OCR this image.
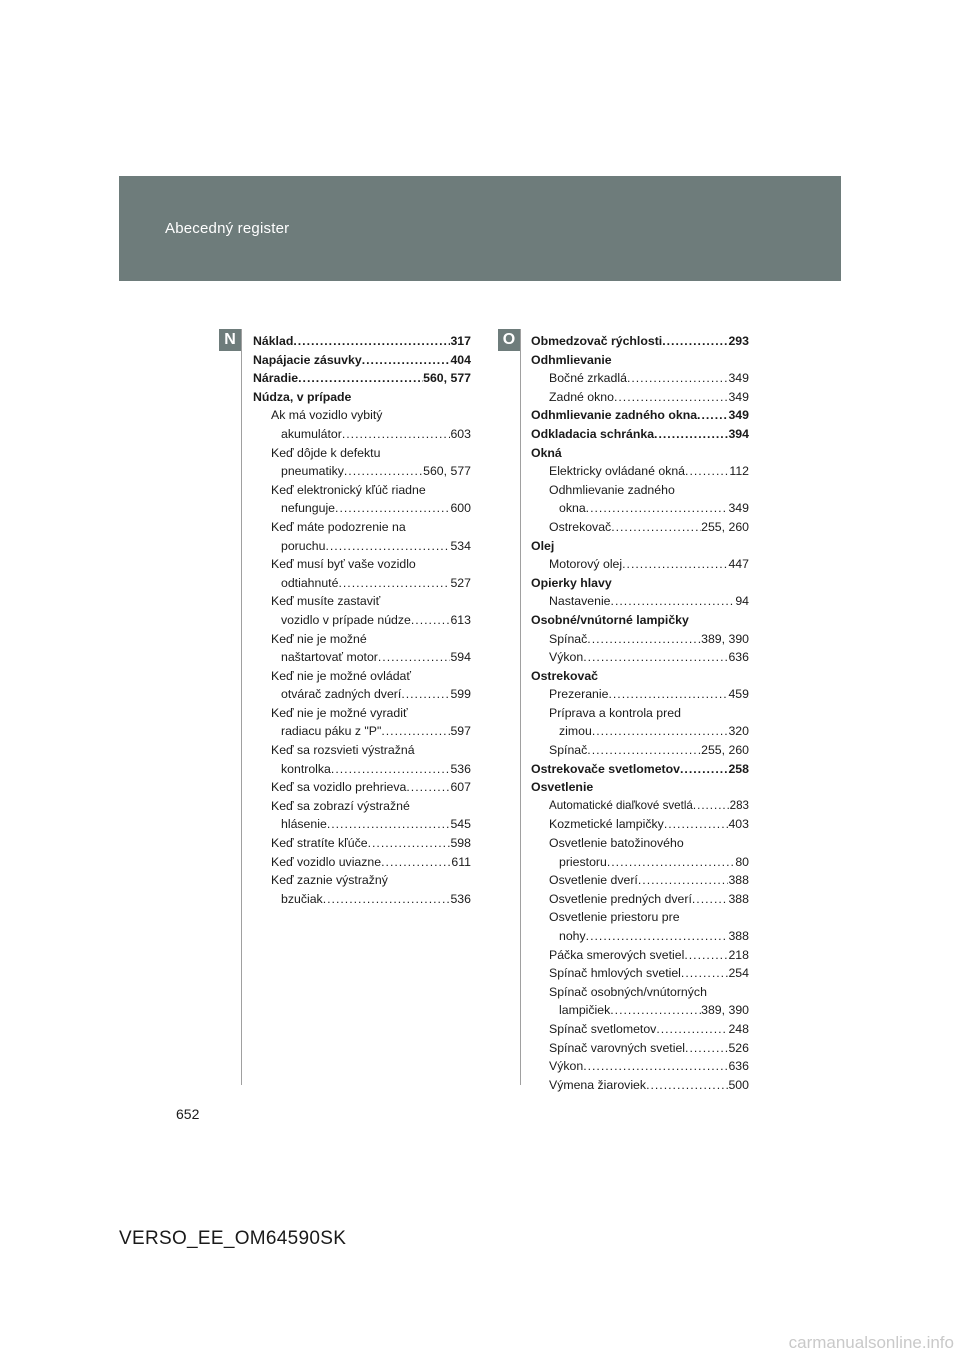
Abecedný register
N	Náklad .....	317
Napájacie zásuvky .....	404
Náradie .....	560, 577
Núdza, v prípade
Ak má vozidlo vybitý
akumulátor .....	603
Keď dôjde k defektu
pneumatiky .....	560, 577
Keď elektronický kľúč riadne
nefunguje .....	600
Keď máte podozrenie na
poruchu .....	534
Keď musí byť vaše vozidlo
odtiahnuté .....	527
Keď musíte zastaviť
vozidlo v prípade núdze .....	613
Keď nie je možné
naštartovať motor .....	594
Keď nie je možné ovládať
otvárač zadných dverí .....	599
Keď nie je možné vyradiť
radiacu páku z "P" .....	597
Keď sa rozsvieti výstražná
kontrolka .....	536
Keď sa vozidlo prehrieva .....	607
Keď sa zobrazí výstražné
hlásenie .....	545
Keď stratíte kľúče .....	598
Keď vozidlo uviazne .....	611
Keď zaznie výstražný
bzučiak .....	536
O	Obmedzovač rýchlosti .....	293
Odhmlievanie
Bočné zrkadlá .....	349
Zadné okno .....	349
Odhmlievanie zadného okna .....	349
Odkladacia schránka .....	394
Okná
Elektricky ovládané okná .....	112
Odhmlievanie zadného
okna .....	349
Ostrekovač .....	255, 260
Olej
Motorový olej .....	447
Opierky hlavy
Nastavenie .....	94
Osobné/vnútorné lampičky
Spínač .....	389, 390
Výkon .....	636
Ostrekovač
Prezeranie .....	459
Príprava a kontrola pred
zimou .....	320
Spínač .....	255, 260
Ostrekovače svetlometov .....	258
Osvetlenie
Automatické diaľkové svetlá .....	283
Kozmetické lampičky .....	403
Osvetlenie batožinového
priestoru .....	80
Osvetlenie dverí .....	388
Osvetlenie predných dverí .....	388
Osvetlenie priestoru pre
nohy .....	388
Páčka smerových svetiel .....	218
Spínač hmlových svetiel .....	254
Spínač osobných/vnútorných
lampičiek .....	389, 390
Spínač svetlometov .....	248
Spínač varovných svetiel .....	526
Výkon .....	636
Výmena žiaroviek .....	500
652
VERSO_EE_OM64590SK
carmanualsonline.info
